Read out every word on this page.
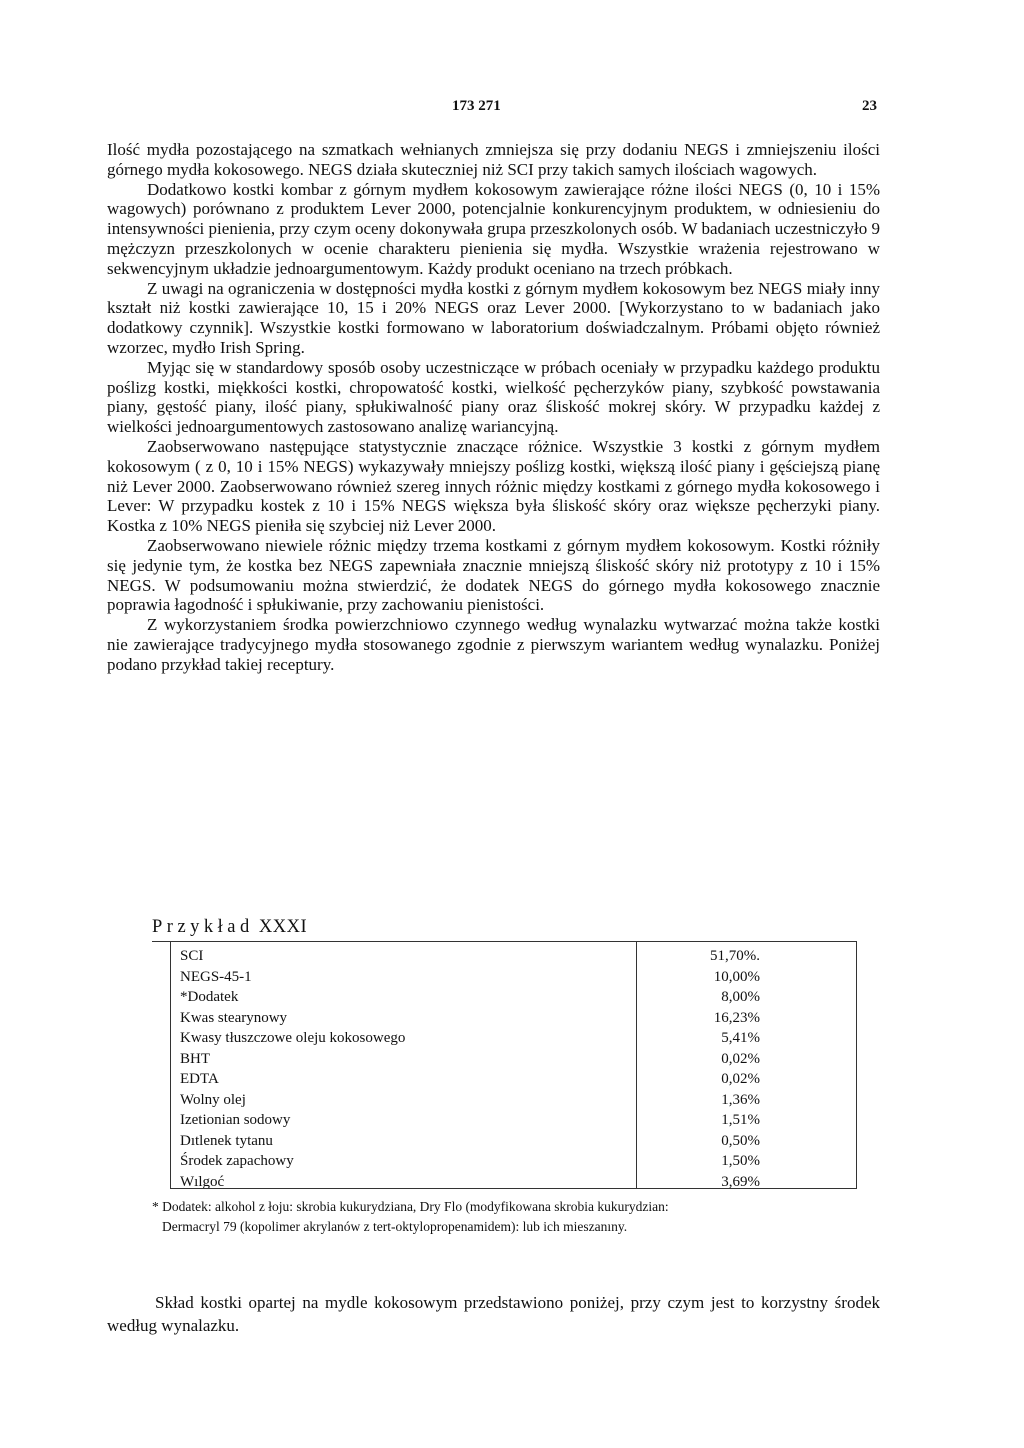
173 271	23

Ilość mydła pozostającego na szmatkach wełnianych zmniejsza się przy dodaniu NEGS i zmniejszeniu ilości górnego mydła kokosowego. NEGS działa skuteczniej niż SCI przy takich samych ilościach wagowych.

Dodatkowo kostki kombar z górnym mydłem kokosowym zawierające różne ilości NEGS (0, 10 i 15% wagowych) porównano z produktem Lever 2000, potencjalnie konkurencyjnym produktem, w odniesieniu do intensywności pienienia, przy czym oceny dokonywała grupa przeszkolonych osób. W badaniach uczestniczyło 9 mężczyzn przeszkolonych w ocenie charakteru pienienia się mydła. Wszystkie wrażenia rejestrowano w sekwencyjnym układzie jednoargumentowym. Każdy produkt oceniano na trzech próbkach.

Z uwagi na ograniczenia w dostępności mydła kostki z górnym mydłem kokosowym bez NEGS miały inny kształt niż kostki zawierające 10, 15 i 20% NEGS oraz Lever 2000. [Wykorzystano to w badaniach jako dodatkowy czynnik]. Wszystkie kostki formowano w laboratorium doświadczalnym. Próbami objęto również wzorzec, mydło Irish Spring.

Myjąc się w standardowy sposób osoby uczestniczące w próbach oceniały w przypadku każdego produktu poślizg kostki, miękkości kostki, chropowatość kostki, wielkość pęcherzyków piany, szybkość powstawania piany, gęstość piany, ilość piany, spłukiwalność piany oraz śliskość mokrej skóry. W przypadku każdej z wielkości jednoargumentowych zastosowano analizę wariancyjną.

Zaobserwowano następujące statystycznie znaczące różnice. Wszystkie 3 kostki z górnym mydłem kokosowym ( z 0, 10 i 15% NEGS) wykazywały mniejszy poślizg kostki, większą ilość piany i gęściejszą pianę niż Lever 2000. Zaobserwowano również szereg innych różnic między kostkami z górnego mydła kokosowego i Lever: W przypadku kostek z 10 i 15% NEGS większa była śliskość skóry oraz większe pęcherzyki piany. Kostka z 10% NEGS pieniła się szybciej niż Lever 2000.

Zaobserwowano niewiele różnic między trzema kostkami z górnym mydłem kokosowym. Kostki różniły się jedynie tym, że kostka bez NEGS zapewniała znacznie mniejszą śliskość skóry niż prototypy z 10 i 15% NEGS. W podsumowaniu można stwierdzić, że dodatek NEGS do górnego mydła kokosowego znacznie poprawia łagodność i spłukiwanie, przy zachowaniu pienistości.

Z wykorzystaniem środka powierzchniowo czynnego według wynalazku wytwarzać można także kostki nie zawierające tradycyjnego mydła stosowanego zgodnie z pierwszym wariantem według wynalazku. Poniżej podano przykład takiej receptury.

Przykład XXXI
SCI	51,70%.
NEGS-45-1	10,00%
*Dodatek	8,00%
Kwas stearynowy	16,23%
Kwasy tłuszczowe oleju kokosowego	5,41%
BHT	0,02%
EDTA	0,02%
Wolny olej	1,36%
Izetionian sodowy	1,51%
Dıtlenek tytanu	0,50%
Środek zapachowy	1,50%
Wılgoć	3,69%
* Dodatek: alkohol z łoju: skrobia kukurydziana, Dry Flo (modyfikowana skrobia kukurydzian:
Dermacryl 79 (kopolimer akrylanów z tert-oktylopropenamidem): lub ich mieszanıny.

Skład kostki opartej na mydle kokosowym przedstawiono poniżej, przy czym jest to korzystny środek według wynalazku.
